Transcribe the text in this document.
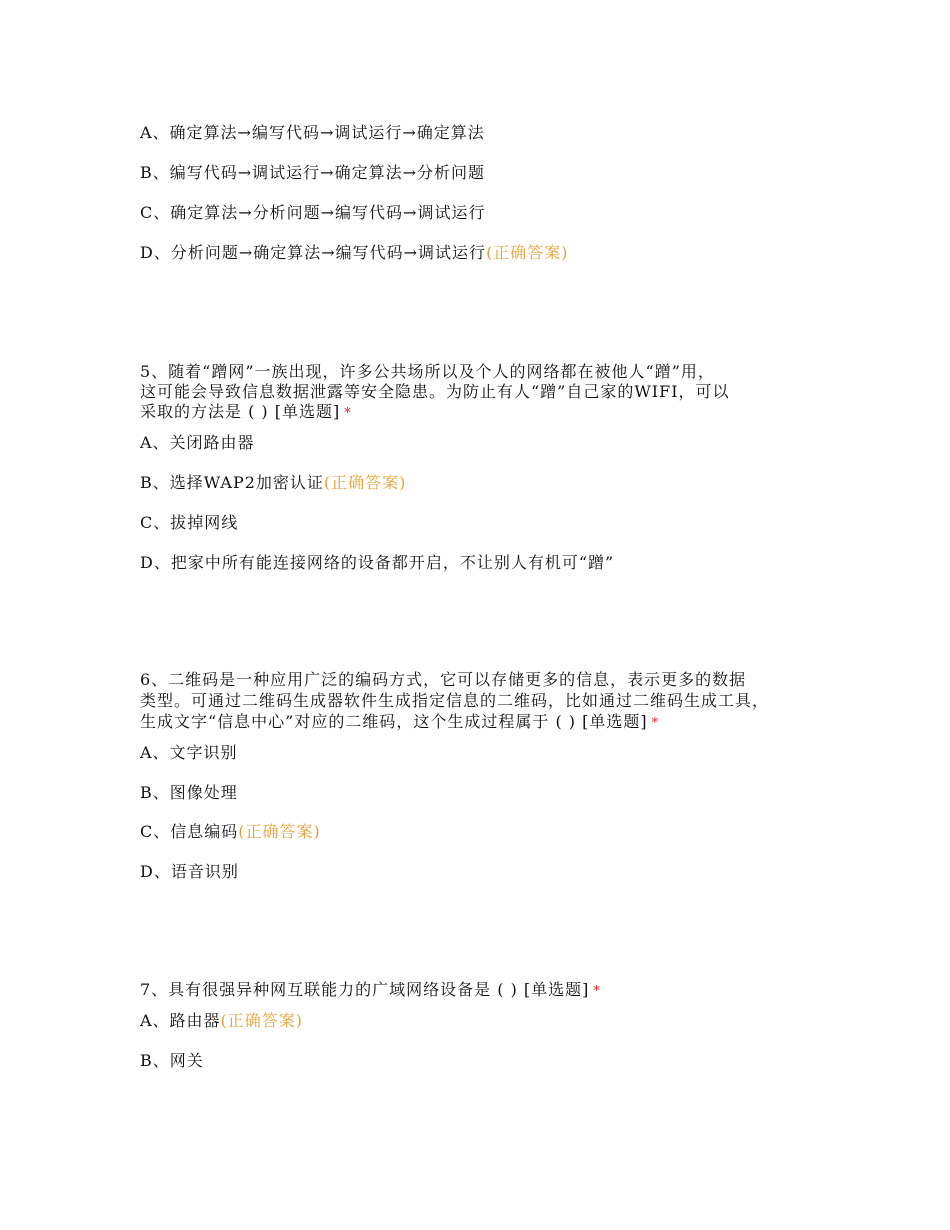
A、确定算法→编写代码→调试运行→确定算法
B、编写代码→调试运行→确定算法→分析问题
C、确定算法→分析问题→编写代码→调试运行
D、分析问题→确定算法→编写代码→调试运行(正确答案)
5、随着“蹭网”一族出现，许多公共场所以及个人的网络都在被他人“蹭”用，
这可能会导致信息数据泄露等安全隐患。为防止有人“蹭”自己家的WIFI，可以
采取的方法是 ( ) [单选题] *
A、关闭路由器
B、选择WAP2加密认证(正确答案)
C、拔掉网线
D、把家中所有能连接网络的设备都开启，不让别人有机可“蹭”
6、二维码是一种应用广泛的编码方式，它可以存储更多的信息，表示更多的数据
类型。可通过二维码生成器软件生成指定信息的二维码，比如通过二维码生成工具，
生成文字“信息中心”对应的二维码，这个生成过程属于 ( ) [单选题] *
A、文字识别
B、图像处理
C、信息编码(正确答案)
D、语音识别
7、具有很强异种网互联能力的广域网络设备是 ( ) [单选题] *
A、路由器(正确答案)
B、网关
